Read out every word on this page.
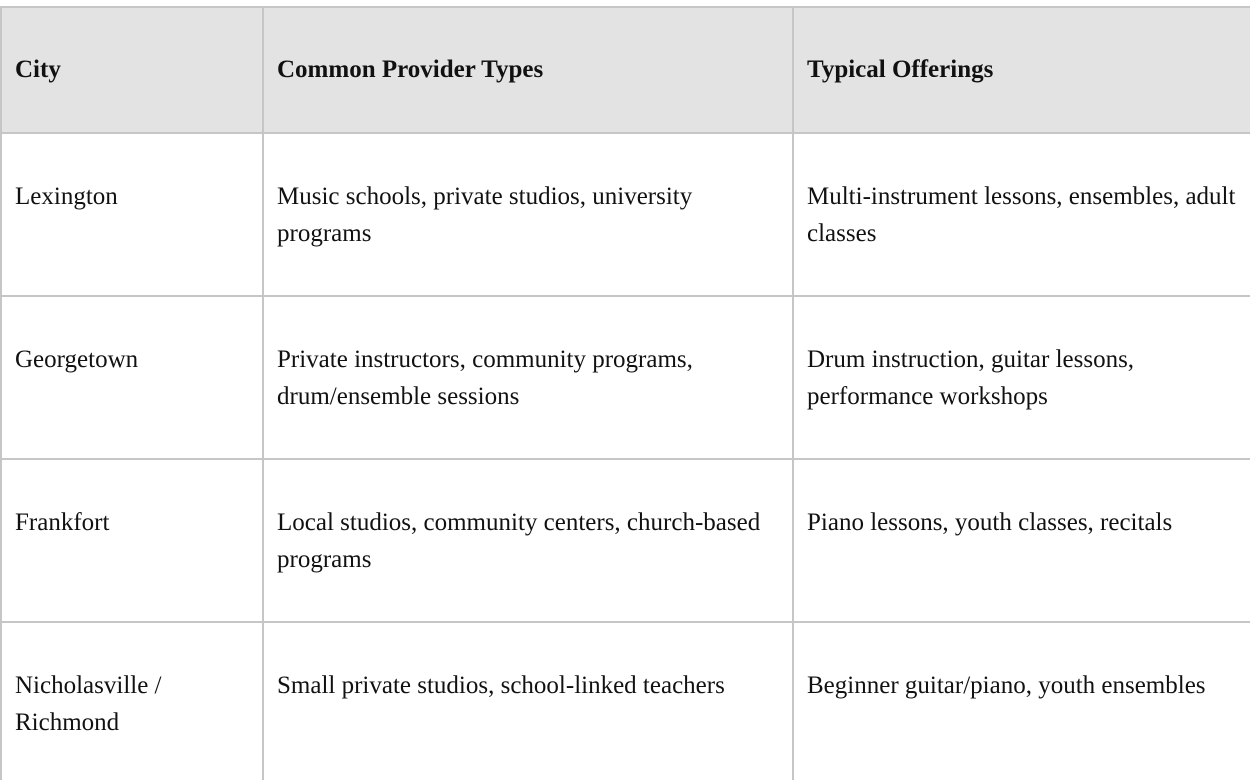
City	Common Provider Types	Typical Offerings
Lexington	Music schools, private studios, university programs	Multi-instrument lessons, ensembles, adult classes
Georgetown	Private instructors, community programs, drum/ensemble sessions	Drum instruction, guitar lessons, performance workshops
Frankfort	Local studios, community centers, church-based programs	Piano lessons, youth classes, recitals
Nicholasville / Richmond	Small private studios, school-linked teachers	Beginner guitar/piano, youth ensembles
